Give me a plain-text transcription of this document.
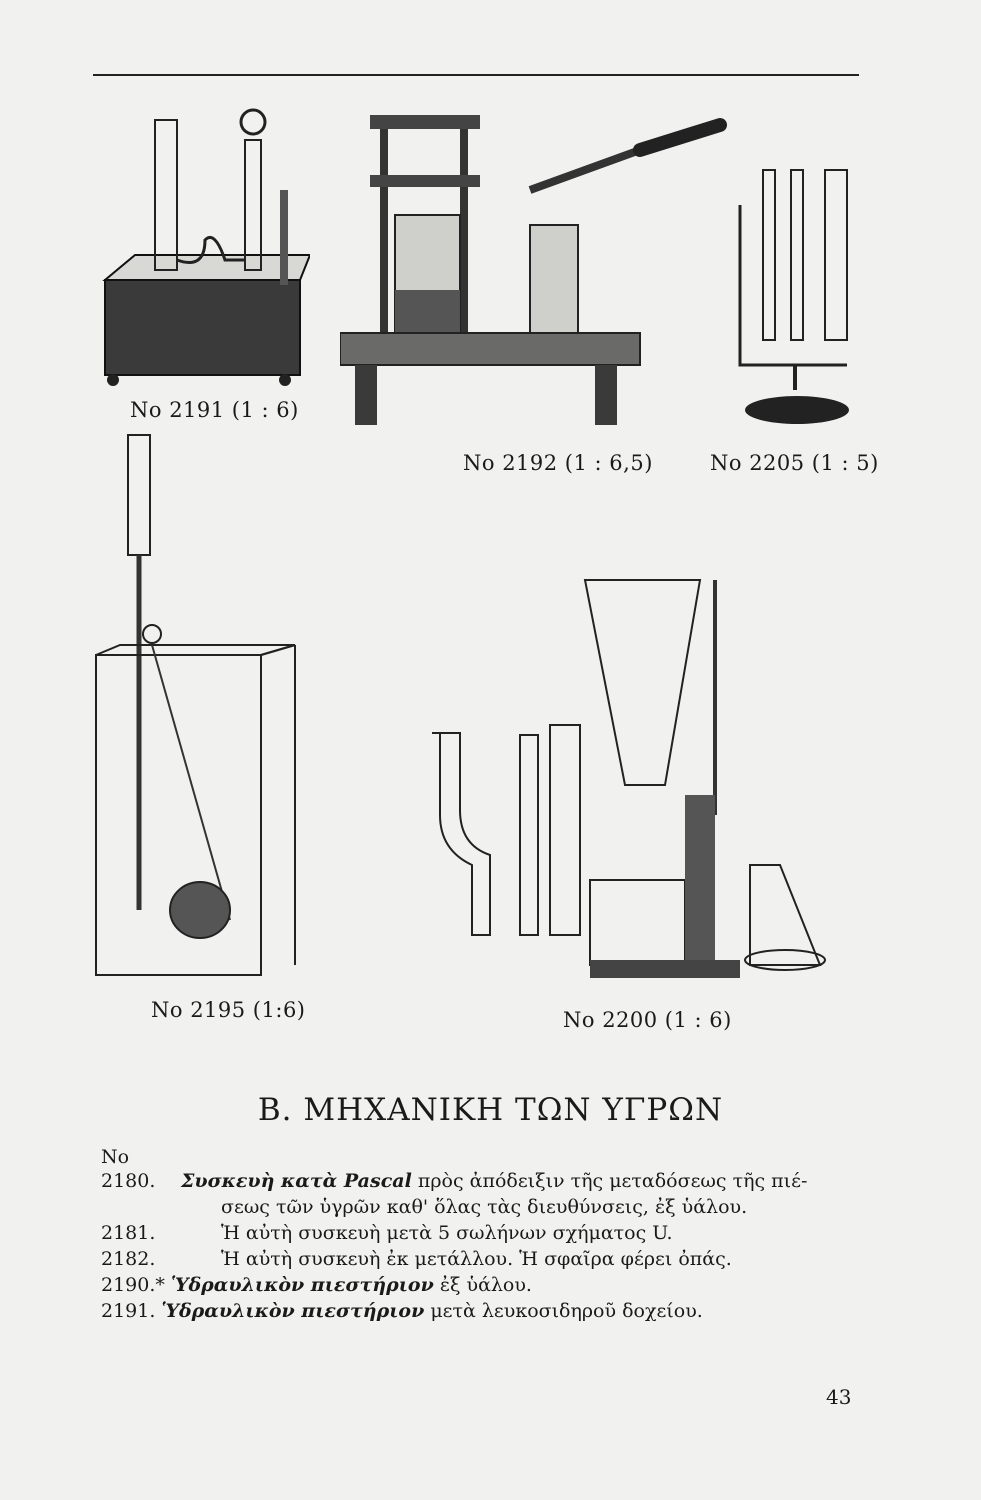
No 2191 (1 : 6)
No 2192 (1 : 6,5)	No 2205 (1 : 5)
No 2195 (1:6)	No 2200 (1 : 6)
B. ΜΗΧΑΝΙΚΗ ΤΩΝ ΥΓΡΩΝ
No
2180. Συσκευὴ κατὰ Pascal πρὸς ἀπόδειξιν τῆς μεταδόσεως τῆς πιέ-
σεως τῶν ὑγρῶν καθ' ὅλας τὰς διευθύνσεις, ἐξ ὑάλου.
2181.	Ἡ αὐτὴ συσκευὴ μετὰ 5 σωλήνων σχήματος U.
2182.	Ἡ αὐτὴ συσκευὴ ἐκ μετάλλου. Ἡ σφαῖρα φέρει ὀπάς.
2190.* Ὑδραυλικὸν πιεστήριον ἐξ ὑάλου.
2191. Ὑδραυλικὸν πιεστήριον μετὰ λευκοσιδηροῦ δοχείου.
43
